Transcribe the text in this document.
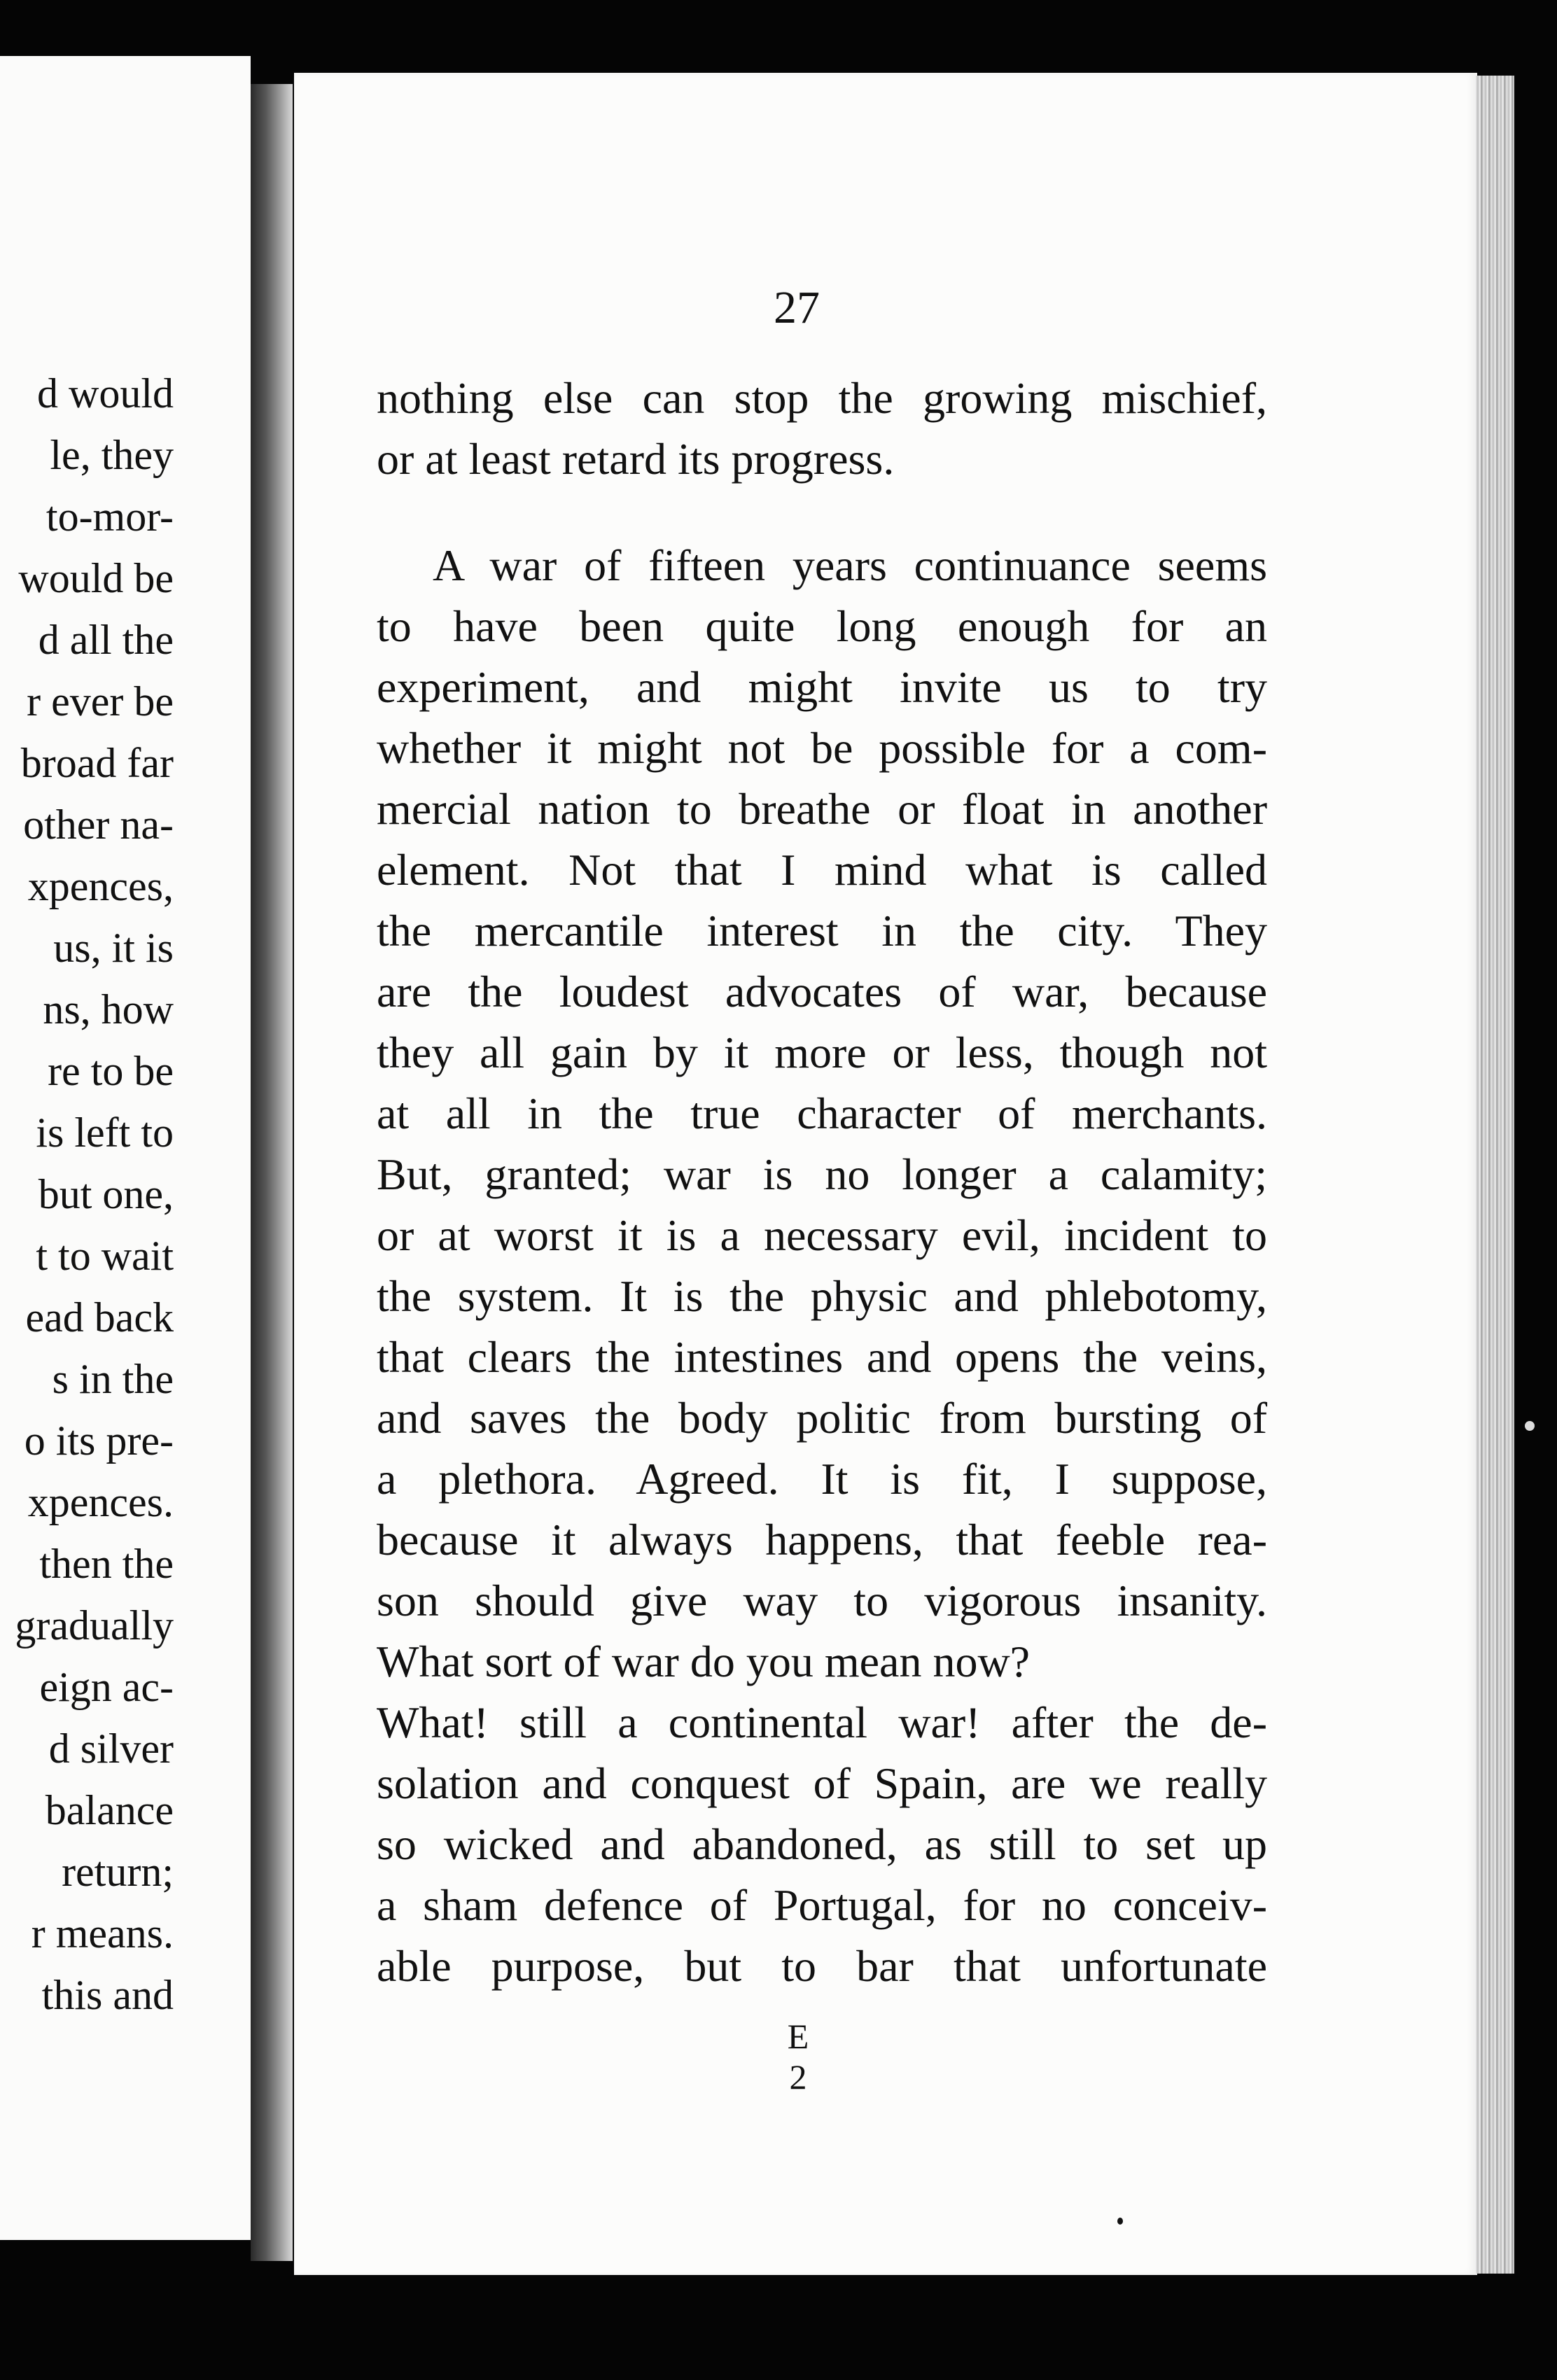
d would
le, they
to-mor-
would be
d all the
r ever be
broad far
other na-
xpences,
us, it is
ns, how
re to be
is left to
but one,
t to wait
ead back
s in the
o its pre-
xpences.
then the
gradually
eign ac-
d silver
balance
return;
r means.
this and
27
nothing else can stop the growing mischief,
or at least retard its progress.
A war of fifteen years continuance seems
to have been quite long enough for an
experiment, and might invite us to try
whether it might not be possible for a com-
mercial nation to breathe or float in another
element. Not that I mind what is called
the mercantile interest in the city. They
are the loudest advocates of war, because
they all gain by it more or less, though not
at all in the true character of merchants.
But, granted; war is no longer a calamity;
or at worst it is a necessary evil, incident to
the system. It is the physic and phlebotomy,
that clears the intestines and opens the veins,
and saves the body politic from bursting of
a plethora. Agreed. It is fit, I suppose,
because it always happens, that feeble rea-
son should give way to vigorous insanity.
What sort of war do you mean now?
What! still a continental war! after the de-
solation and conquest of Spain, are we really
so wicked and abandoned, as still to set up
a sham defence of Portugal, for no conceiv-
able purpose, but to bar that unfortunate
E 2
